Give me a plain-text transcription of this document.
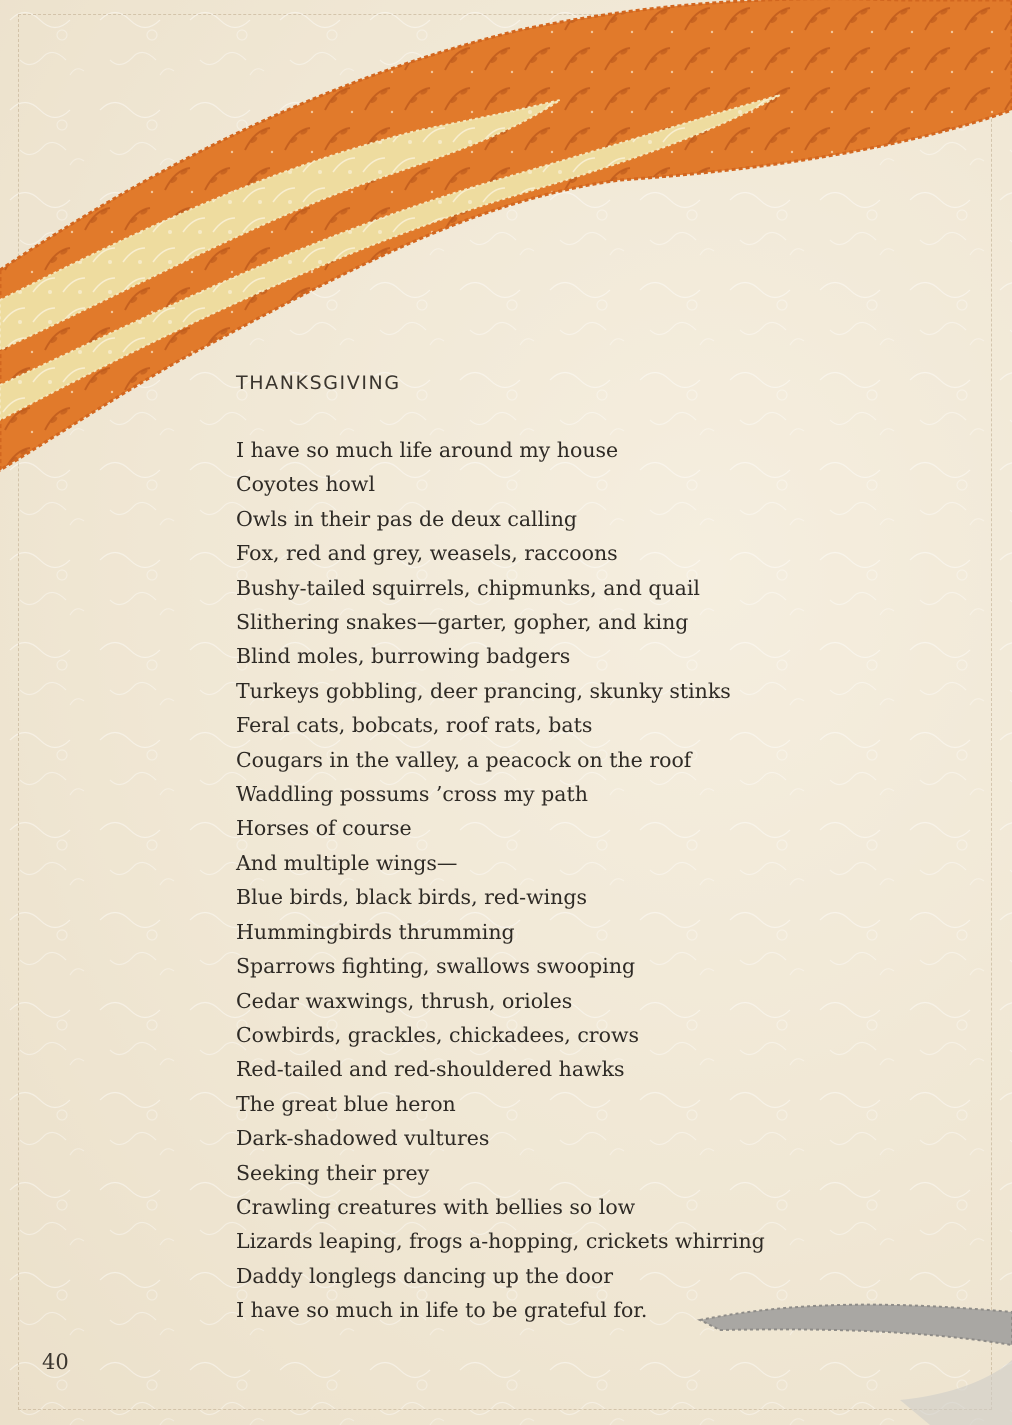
THANKSGIVING
I have so much life around my house
Coyotes howl
Owls in their pas de deux calling
Fox, red and grey, weasels, raccoons
Bushy-tailed squirrels, chipmunks, and quail
Slithering snakes—garter, gopher, and king
Blind moles, burrowing badgers
Turkeys gobbling, deer prancing, skunky stinks
Feral cats, bobcats, roof rats, bats
Cougars in the valley, a peacock on the roof
Waddling possums ’cross my path
Horses of course
And multiple wings—
Blue birds, black birds, red-wings
Hummingbirds thrumming
Sparrows fighting, swallows swooping
Cedar waxwings, thrush, orioles
Cowbirds, grackles, chickadees, crows
Red-tailed and red-shouldered hawks
The great blue heron
Dark-shadowed vultures
Seeking their prey
Crawling creatures with bellies so low
Lizards leaping, frogs a-hopping, crickets whirring
Daddy longlegs dancing up the door
I have so much in life to be grateful for.
40
